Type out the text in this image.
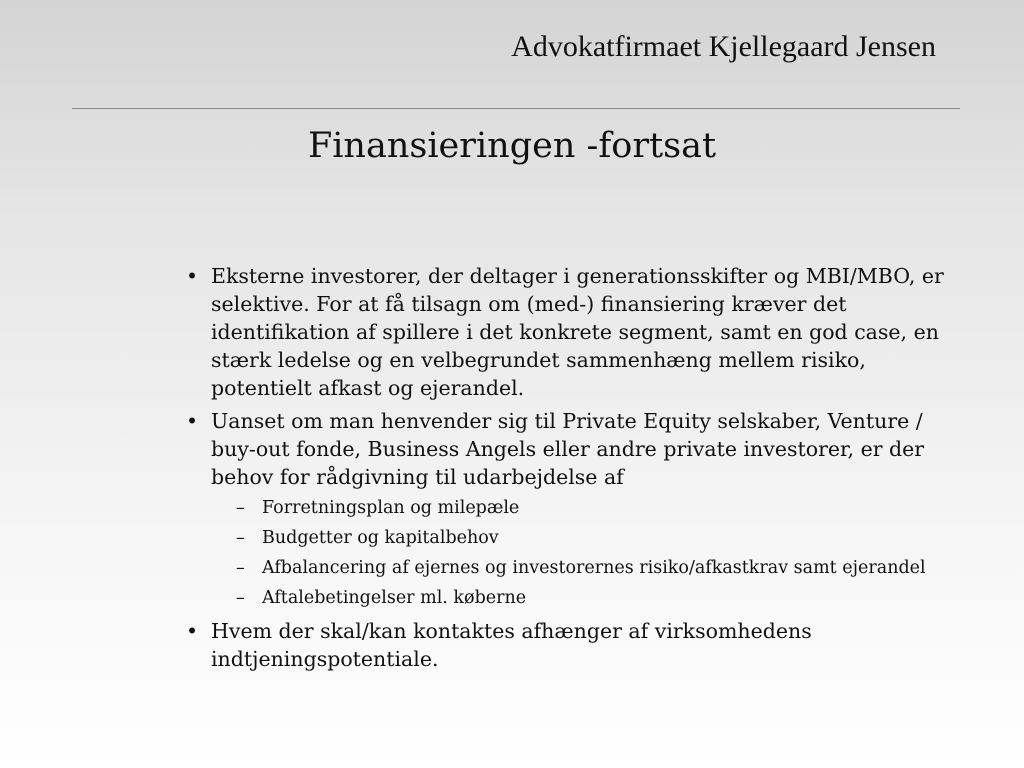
Advokatfirmaet Kjellegaard Jensen
Finansieringen -fortsat
• Eksterne investorer, der deltager i generationsskifter og MBI/MBO, er selektive. For at få tilsagn om (med-) finansiering kræver det identifikation af spillere i det konkrete segment, samt en god case, en stærk ledelse og en velbegrundet sammenhæng mellem risiko, potentielt afkast og ejerandel.
• Uanset om man henvender sig til Private Equity selskaber, Venture / buy-out fonde, Business Angels eller andre private investorer, er der behov for rådgivning til udarbejdelse af
– Forretningsplan og milepæle
– Budgetter og kapitalbehov
– Afbalancering af ejernes og investorernes risiko/afkastkrav samt ejerandel
– Aftalebetingelser ml. køberne
• Hvem der skal/kan kontaktes afhænger af virksomhedens indtjeningspotentiale.
